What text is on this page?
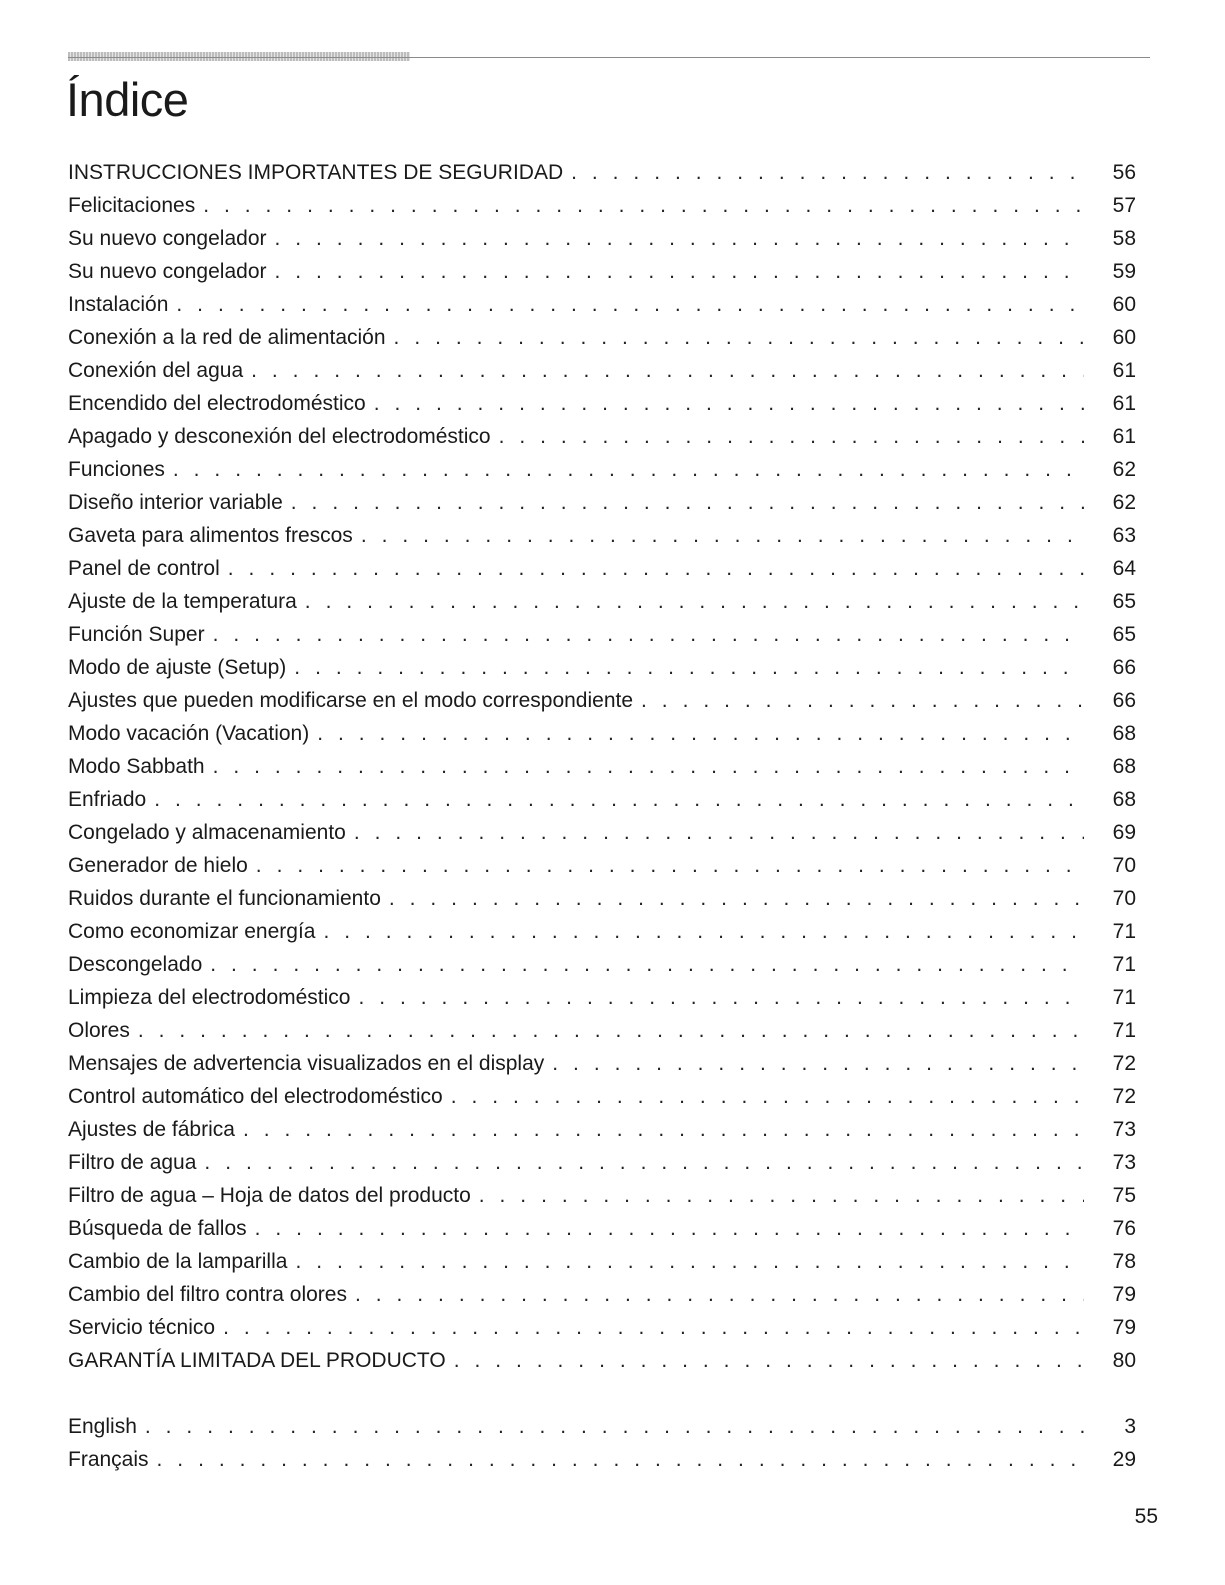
Índice
INSTRUCCIONES IMPORTANTES DE SEGURIDAD . . .	56
Felicitaciones . . .	57
Su nuevo congelador . . .	58
Su nuevo congelador . . .	59
Instalación . . .	60
Conexión a la red de alimentación . . .	60
Conexión del agua . . .	61
Encendido del electrodoméstico . . .	61
Apagado y desconexión del electrodoméstico . . .	61
Funciones . . .	62
Diseño interior variable . . .	62
Gaveta para alimentos frescos . . .	63
Panel de control . . .	64
Ajuste de la temperatura . . .	65
Función Super . . .	65
Modo de ajuste (Setup) . . .	66
Ajustes que pueden modificarse en el modo correspondiente . . .	66
Modo vacación (Vacation) . . .	68
Modo Sabbath . . .	68
Enfriado . . .	68
Congelado y almacenamiento . . .	69
Generador de hielo . . .	70
Ruidos durante el funcionamiento . . .	70
Como economizar energía . . .	71
Descongelado . . .	71
Limpieza del electrodoméstico . . .	71
Olores . . .	71
Mensajes de advertencia visualizados en el display . . .	72
Control automático del electrodoméstico . . .	72
Ajustes de fábrica . . .	73
Filtro de agua . . .	73
Filtro de agua – Hoja de datos del producto . . .	75
Búsqueda de fallos . . .	76
Cambio de la lamparilla . . .	78
Cambio del filtro contra olores . . .	79
Servicio técnico . . .	79
GARANTÍA LIMITADA DEL PRODUCTO . . .	80
English . . .	3
Français . . .	29
55
